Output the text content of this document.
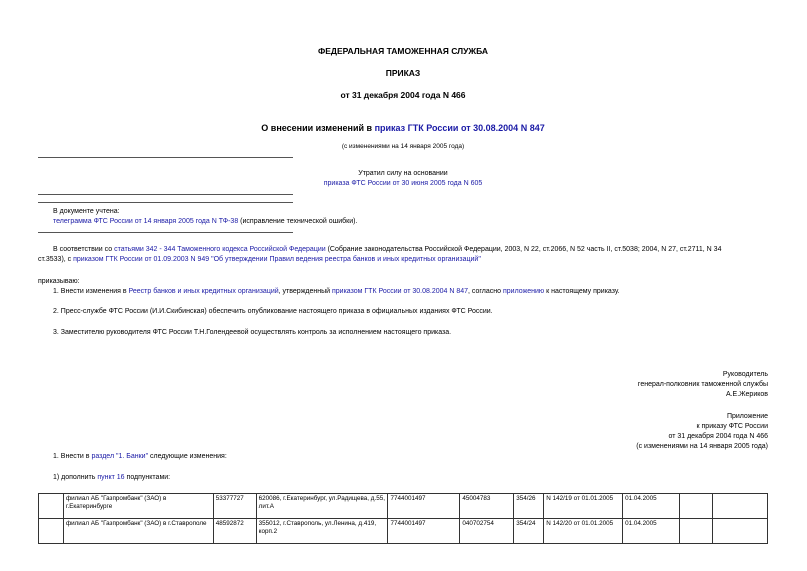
ФЕДЕРАЛЬНАЯ ТАМОЖЕННАЯ СЛУЖБА
ПРИКАЗ
от 31 декабря 2004 года N 466
О внесении изменений в приказ ГТК России от 30.08.2004 N 847
(с изменениями на 14 января 2005 года)
Утратил силу на основании
приказа ФТС России от 30 июня 2005 года N 605
В документе учтена:
телеграмма ФТС России от 14 января 2005 года N ТФ-38 (исправление технической ошибки).
В соответствии со статьями 342 - 344 Таможенного кодекса Российской Федерации (Собрание законодательства Российской Федерации, 2003, N 22, ст.2066, N 52 часть II, ст.5038; 2004, N 27, ст.2711, N 34
ст.3533), с приказом ГТК России от 01.09.2003 N 949 "Об утверждении Правил ведения реестра банков и иных кредитных организаций"
приказываю:
1. Внести изменения в Реестр банков и иных кредитных организаций, утвержденный приказом ГТК России от 30.08.2004 N 847, согласно приложению к настоящему приказу.
2. Пресс-службе ФТС России (И.И.Скибинская) обеспечить опубликование настоящего приказа в официальных изданиях ФТС России.
3. Заместителю руководителя ФТС России Т.Н.Голендеевой осуществлять контроль за исполнением настоящего приказа.
Руководитель
генерал-полковник таможенной службы
А.Е.Жериков
Приложение
к приказу ФТС России
от 31 декабря 2004 года N 466
(с изменениями на 14 января 2005 года)
1. Внести в раздел "1. Банки" следующие изменения:
1) дополнить пункт 16 подпунктами:
	филиал АБ "Газпромбанк" (ЗАО) в г.Екатеринбурге	53377727	620086, г.Екатеринбург, ул.Радищева, д.55, лит.А	7744001497	45004783	354/26	N 142/19 от 01.01.2005	01.04.2005		
	филиал АБ "Газпромбанк" (ЗАО) в г.Ставрополе	48592872	355012, г.Ставрополь, ул.Ленина, д.419, корп.2	7744001497	040702754	354/24	N 142/20 от 01.01.2005	01.04.2005		
